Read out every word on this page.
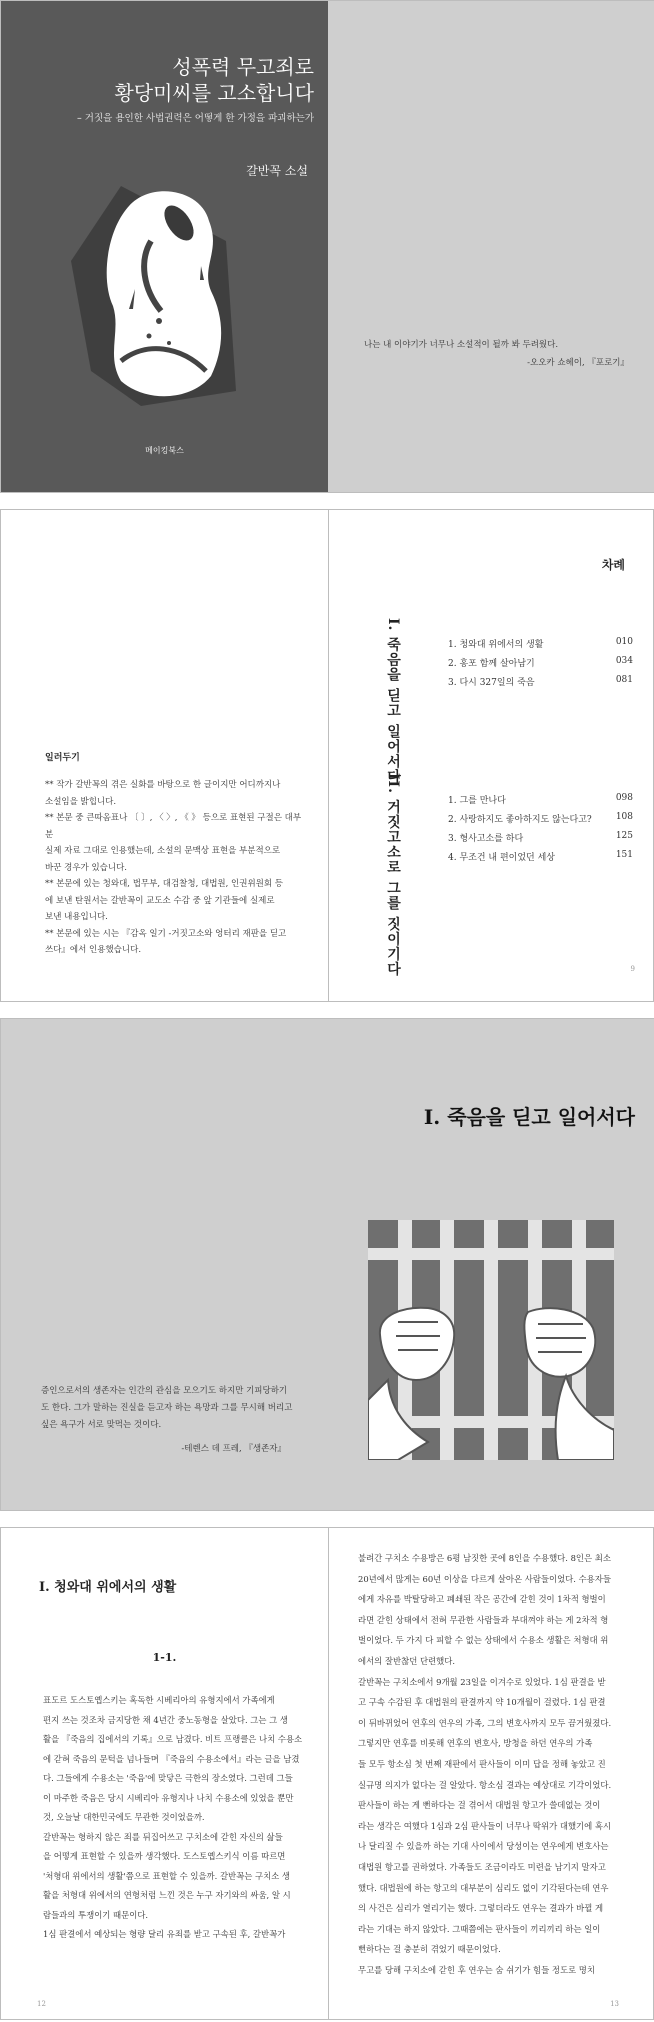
성폭력 무고죄로
황당미씨를 고소합니다
– 거짓을 용인한 사법권력은 어떻게 한 가정을 파괴하는가
갈반꼭 소설
메이킹북스
나는 내 이야기가 너무나 소설적이 될까 봐 두려웠다.
-오오카 쇼헤이, 『포로기』
일러두기
** 작가 갈반꼭의 겪은 실화를 바탕으로 한 글이지만 어디까지나
소설임을 밝힙니다.
** 본문 중 큰따옴표나 〔 〕, 〈 〉, 《 》 등으로 표현된 구절은 대부분
실제 자료 그대로 인용했는데, 소설의 문맥상 표현을 부분적으로
바꾼 경우가 있습니다.
** 본문에 있는 청와대, 법무부, 대검찰청, 대법원, 인권위원회 등
에 보낸 탄원서는 갈반꼭이 교도소 수감 중 앞 기관들에 실제로
보낸 내용입니다.
** 본문에 있는 시는 『감옥 일기 -거짓고소와 엉터리 재판을 딛고
쓰다』에서 인용했습니다.
차례
I. 죽음을 딛고 일어서다	1. 청와대 위에서의 생활	010
2. 홍포 함께 살아남기	034
3. 다시 327일의 죽음	081
II. 거짓고소로 그를 짓이기다	1. 그를 만나다	098
2. 사랑하지도 좋아하지도 않는다고?	108
3. 형사고소를 하다	125
4. 무조건 내 편이었던 세상	151
9
증인으로서의 생존자는 인간의 관심을 모으기도 하지만 기피당하기
도 한다. 그가 말하는 진실을 듣고자 하는 욕망과 그를 무시해 버리고
싶은 욕구가 서로 맞먹는 것이다.
-테렌스 데 프레, 『생존자』
I. 죽음을 딛고 일어서다
I. 청와대 위에서의 생활
1-1.
표도르 도스토옙스키는 혹독한 시베리아의 유형지에서 가족에게
편지 쓰는 것조차 금지당한 채 4년간 중노동형을 살았다. 그는 그 생
활을 『죽음의 집에서의 기록』으로 남겼다. 비트 프랭클은 나치 수용소
에 갇혀 죽음의 문턱을 넘나들며 『죽음의 수용소에서』라는 글을 남겼
다. 그들에게 수용소는 '죽음'에 맞닿은 극한의 장소였다. 그런데 그들
이 마주한 죽음은 당시 시베리아 유형지나 나치 수용소에 있었을 뿐만
것, 오늘날 대한민국에도 무관한 것이었을까.
갈반꼭는 형하지 않은 죄를 뒤집어쓰고 구치소에 갇힌 자신의 삶들
을 어떻게 표현할 수 있을까 생각했다. 도스토옙스키식 이름 따르면
'처형대 위에서의 생활'쯤으로 표현할 수 있을까. 갈반꼭는 구치소 생
활을 처형대 위에서의 연형처럼 느낀 것은 누구 자기와의 싸움, 알 시
람들과의 투쟁이기 때문이다.
1심 판결에서 예상되는 형량 달리 유죄를 받고 구속된 후, 갈반꼭가
12
불려간 구치소 수용방은 6평 남짓한 곳에 8인을 수용했다. 8인은 최소
20년에서 많게는 60년 이상을 다르게 살아온 사람들이었다. 수용자들
에게 자유를 박탈당하고 폐쇄된 작은 공간에 갇힌 것이 1차적 형벌이
라면 갇힌 상태에서 전혀 무관한 사람들과 부대껴야 하는 게 2차적 형
벌이었다. 두 가지 다 피할 수 없는 상태에서 수용소 생활은 처형대 위
에서의 잘반찮던 단련했다.
갈반꼭는 구치소에서 9개월 23일을 이겨수로 있었다. 1심 판결을 받
고 구속 수감된 후 대법원의 판결까지 약 10개월이 걸렸다. 1심 판결
이 뒤바뀌었어 연후의 연우의 가족, 그의 변호사까지 모두 끔거웠졌다.
그렇지만 연후를 비롯해 연후의 변호사, 방청을 하던 연우의 가족
들 모두 항소심 첫 번째 재판에서 판사들이 이미 답을 정해 놓았고 진
실규명 의지가 없다는 걸 알았다. 항소심 결과는 예상대로 기각이었다.
판사들이 하는 게 뻔하다는 걸 겪어서 대법원 항고가 쓸데없는 것이
라는 생각은 여했다 1심과 2심 판사들이 너무나 딱위가 대했기에 혹시
나 달리질 수 있을까 하는 기대 사이에서 당성이는 연우에게 변호사는
대법원 항고를 권하였다. 가족들도 조금이라도 미련을 남기지 말자고
했다. 대법원에 하는 항고의 대부분이 심리도 없이 기각된다는데 연우
의 사건은 심리가 열리기는 했다. 그렇더라도 연우는 결과가 바뀔 게
라는 기대는 하지 않았다. 그때쯤에는 판사들이 끼리끼리 하는 일이
뻔하다는 걸 충분히 겪었기 때문이었다.
무고를 당해 구치소에 갇힌 후 연우는 숨 쉬기가 힘들 정도로 명치
13
